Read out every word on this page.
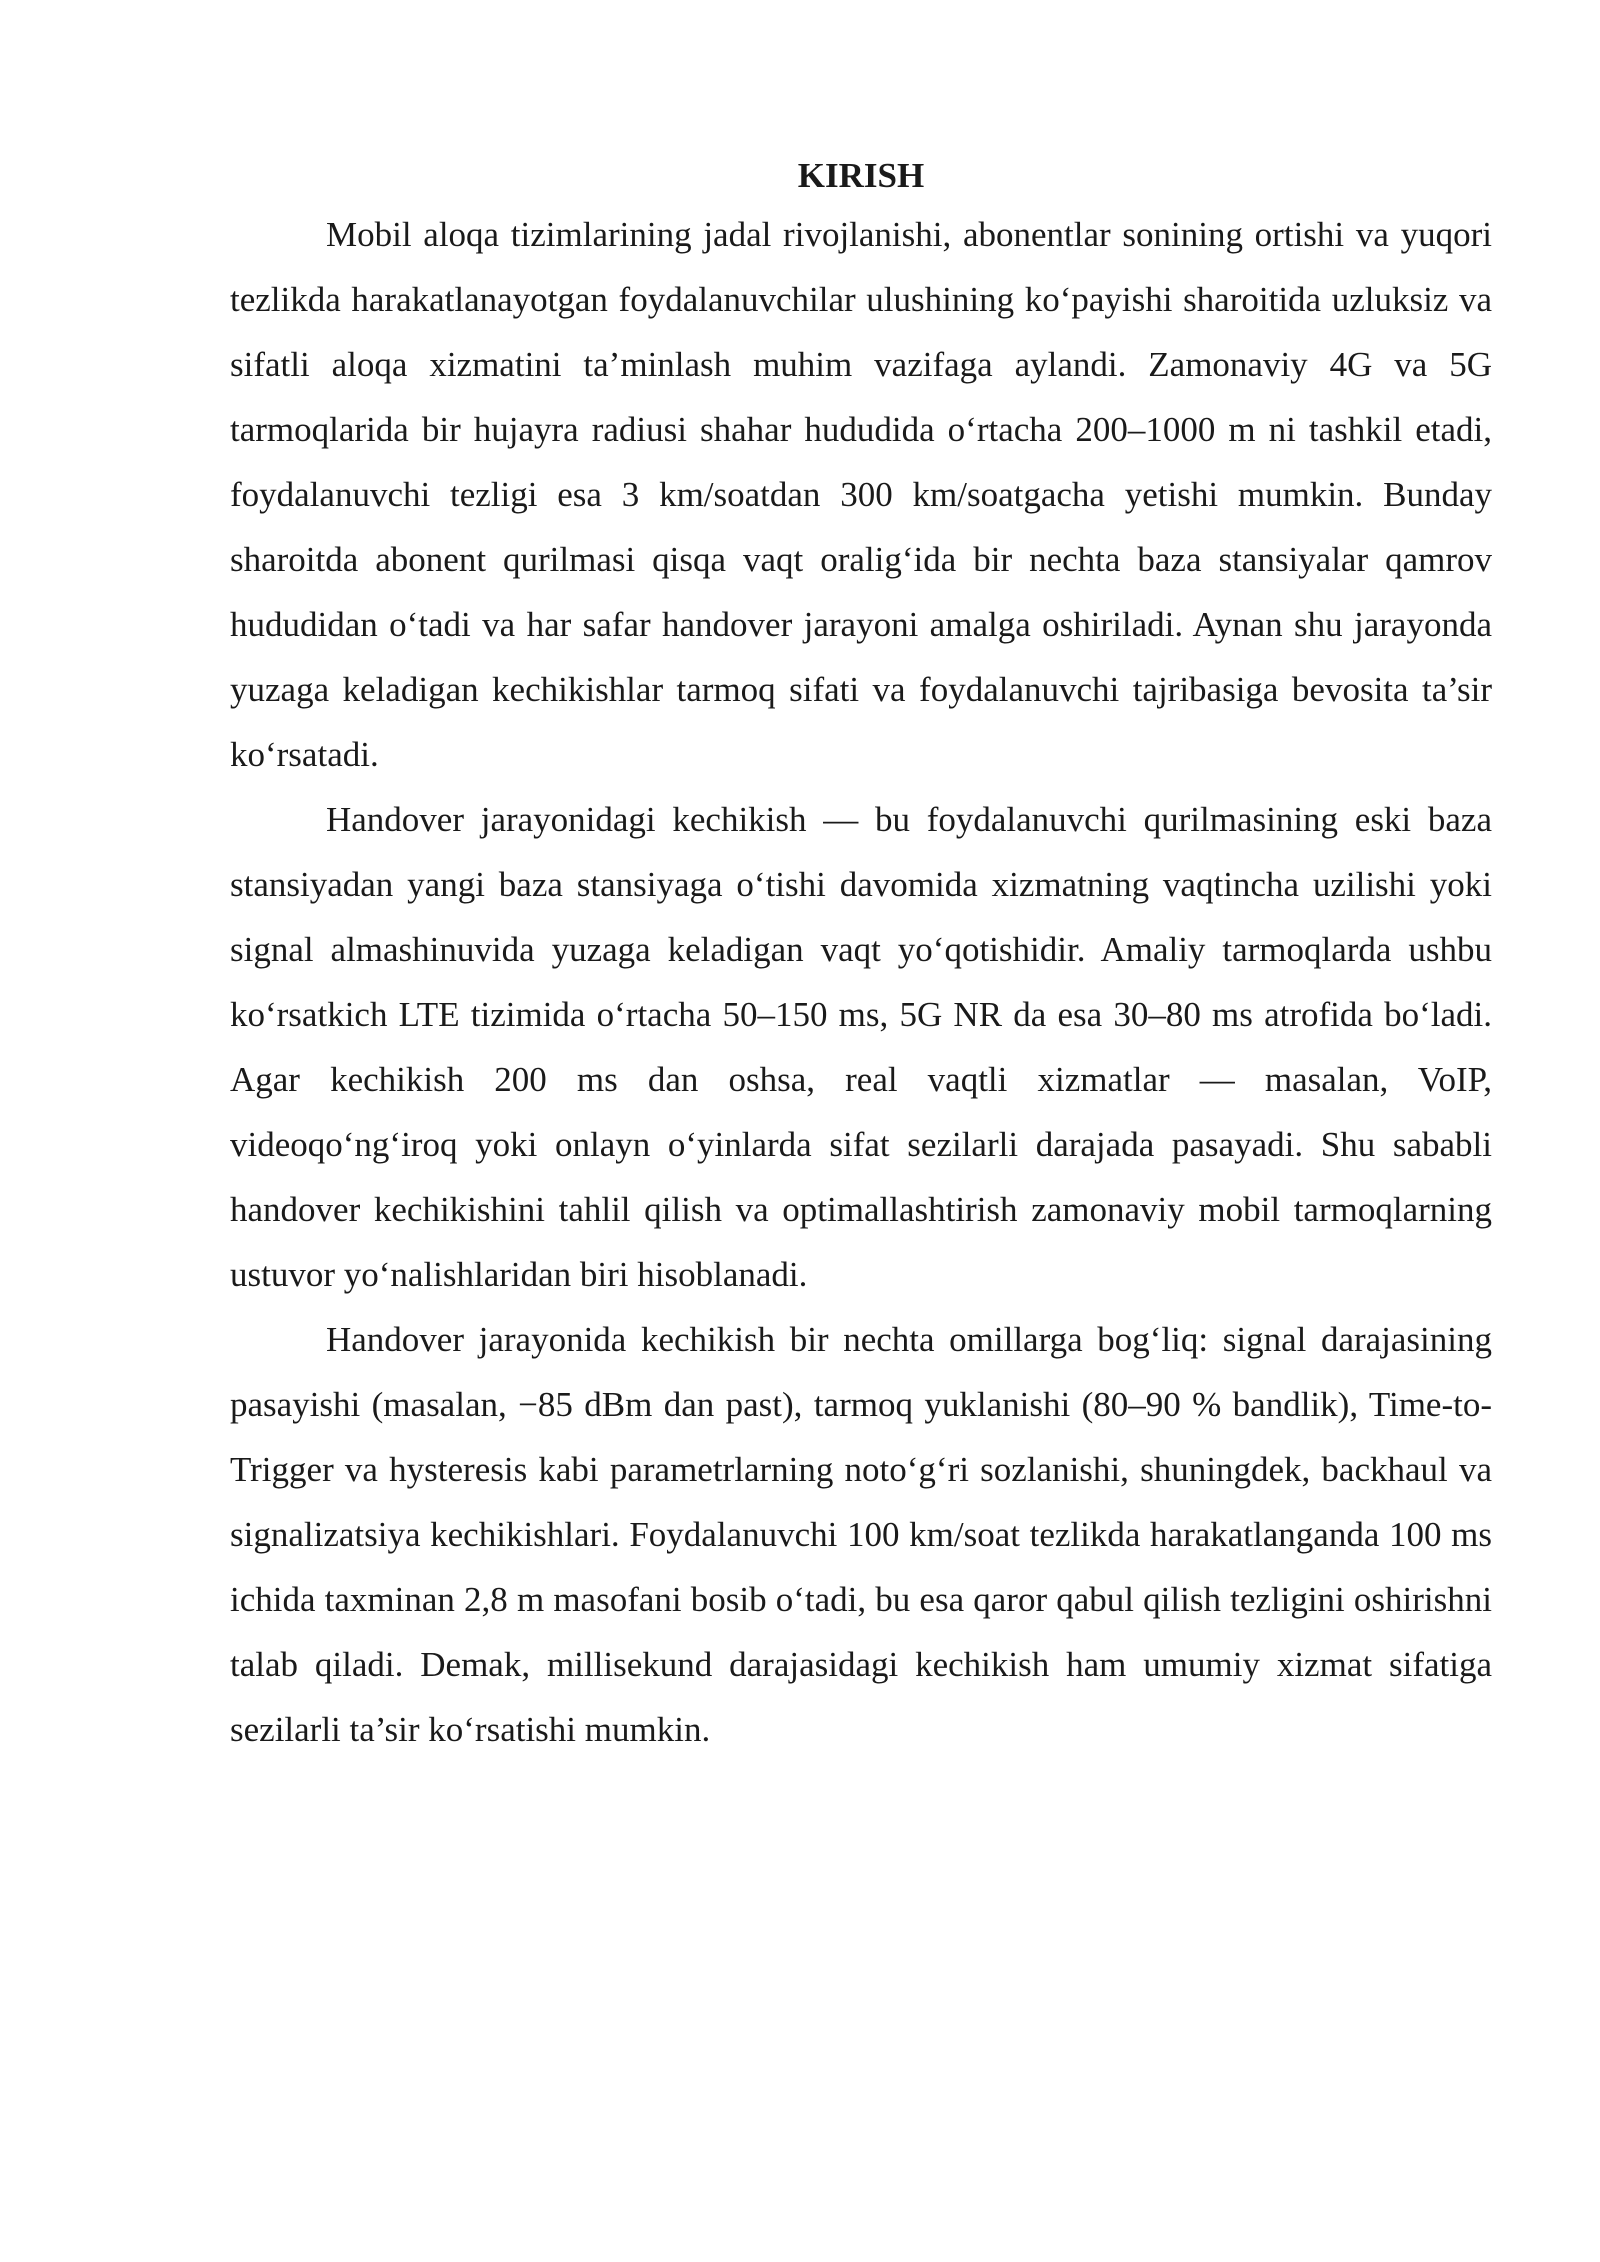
KIRISH

Mobil aloqa tizimlarining jadal rivojlanishi, abonentlar sonining ortishi va yuqori tezlikda harakatlanayotgan foydalanuvchilar ulushining ko‘payishi sharoitida uzluksiz va sifatli aloqa xizmatini ta’minlash muhim vazifaga aylandi. Zamonaviy 4G va 5G tarmoqlarida bir hujayra radiusi shahar hududida o‘rtacha 200–1000 m ni tashkil etadi, foydalanuvchi tezligi esa 3 km/soatdan 300 km/soatgacha yetishi mumkin. Bunday sharoitda abonent qurilmasi qisqa vaqt oralig‘ida bir nechta baza stansiyalar qamrov hududidan o‘tadi va har safar handover jarayoni amalga oshiriladi. Aynan shu jarayonda yuzaga keladigan kechikishlar tarmoq sifati va foydalanuvchi tajribasiga bevosita ta’sir ko‘rsatadi.

Handover jarayonidagi kechikish — bu foydalanuvchi qurilmasining eski baza stansiyadan yangi baza stansiyaga o‘tishi davomida xizmatning vaqtincha uzilishi yoki signal almashinuvida yuzaga keladigan vaqt yo‘qotishidir. Amaliy tarmoqlarda ushbu ko‘rsatkich LTE tizimida o‘rtacha 50–150 ms, 5G NR da esa 30–80 ms atrofida bo‘ladi. Agar kechikish 200 ms dan oshsa, real vaqtli xizmatlar — masalan, VoIP, videoqo‘ng‘iroq yoki onlayn o‘yinlarda sifat sezilarli darajada pasayadi. Shu sababli handover kechikishini tahlil qilish va optimallashtirish zamonaviy mobil tarmoqlarning ustuvor yo‘nalishlaridan biri hisoblanadi.

Handover jarayonida kechikish bir nechta omillarga bog‘liq: signal darajasining pasayishi (masalan, −85 dBm dan past), tarmoq yuklanishi (80–90 % bandlik), Time-to-Trigger va hysteresis kabi parametrlarning noto‘g‘ri sozlanishi, shuningdek, backhaul va signalizatsiya kechikishlari. Foydalanuvchi 100 km/soat tezlikda harakatlanganda 100 ms ichida taxminan 2,8 m masofani bosib o‘tadi, bu esa qaror qabul qilish tezligini oshirishni talab qiladi. Demak, millisekund darajasidagi kechikish ham umumiy xizmat sifatiga sezilarli ta’sir ko‘rsatishi mumkin.
